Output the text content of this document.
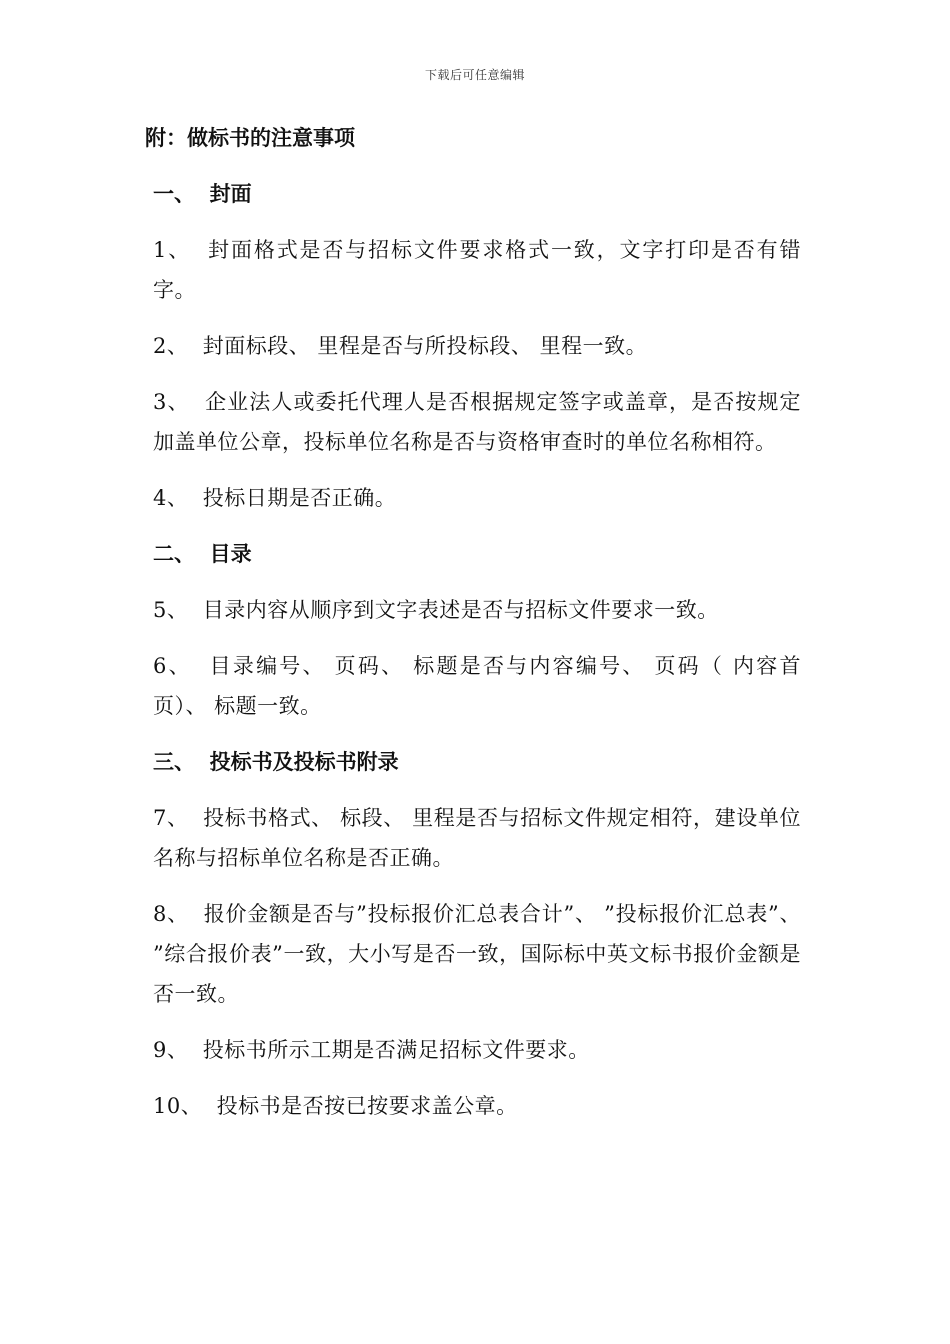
下载后可任意编辑

附：做标书的注意事项

一、  封面

1、  封面格式是否与招标文件要求格式一致，文字打印是否有错字。

2、  封面标段、 里程是否与所投标段、 里程一致。

3、  企业法人或委托代理人是否根据规定签字或盖章，是否按规定加盖单位公章，投标单位名称是否与资格审查时的单位名称相符。

4、  投标日期是否正确。

二、  目录

5、  目录内容从顺序到文字表述是否与招标文件要求一致。

6、  目录编号、 页码、 标题是否与内容编号、 页码（ 内容首页）、 标题一致。

三、  投标书及投标书附录

7、  投标书格式、 标段、 里程是否与招标文件规定相符，建设单位名称与招标单位名称是否正确。

8、  报价金额是否与”投标报价汇总表合计”、 ”投标报价汇总表”、 ”综合报价表”一致，大小写是否一致，国际标中英文标书报价金额是否一致。

9、  投标书所示工期是否满足招标文件要求。

10、  投标书是否按已按要求盖公章。
